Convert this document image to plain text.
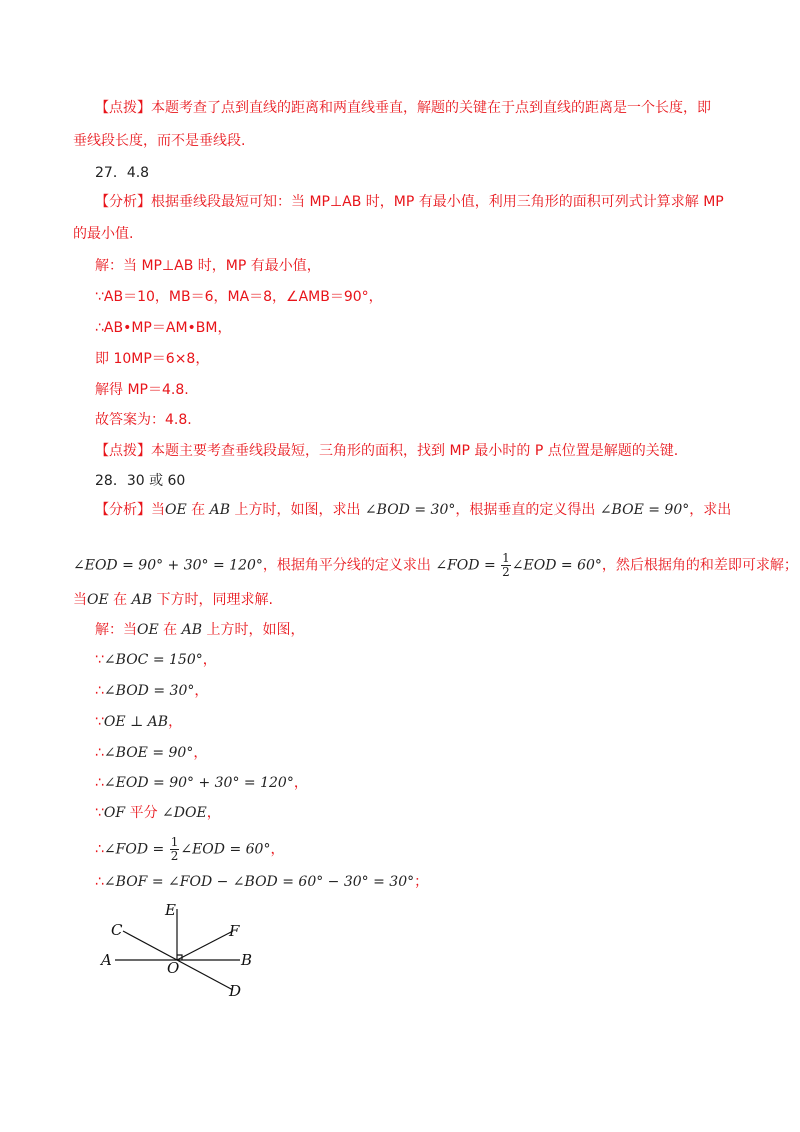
【点拨】本题考查了点到直线的距离和两直线垂直，解题的关键在于点到直线的距离是一个长度，即
垂线段长度，而不是垂线段.
27．4.8
【分析】根据垂线段最短可知：当 MP⊥AB 时，MP 有最小值，利用三角形的面积可列式计算求解 MP
的最小值.
解：当 MP⊥AB 时，MP 有最小值，
∵AB＝10，MB＝6，MA＝8，∠AMB＝90°，
∴AB•MP＝AM•BM，
即 10MP＝6×8，
解得 MP＝4.8.
故答案为：4.8.
【点拨】本题主要考查垂线段最短，三角形的面积，找到 MP 最小时的 P 点位置是解题的关键.
28．30 或 60
【分析】当OE 在 AB 上方时，如图，求出 ∠BOD = 30°，根据垂直的定义得出 ∠BOE = 90°，求出
∠EOD = 90° + 30° = 120°，根据角平分线的定义求出 ∠FOD = $\frac{1}{2}$ ∠EOD = 60°，然后根据角的和差即可求解；
当OE 在 AB 下方时，同理求解.
解：当OE 在 AB 上方时，如图，
∵∠BOC = 150°，
∴∠BOD = 30°，
∵OE ⊥ AB，
∴∠BOE = 90°，
∴∠EOD = 90° + 30° = 120°，
∵OF 平分 ∠DOE，
∴∠FOD = $\frac{1}{2}$ ∠EOD = 60°，
∴∠BOF = ∠FOD − ∠BOD = 60° − 30° = 30°；
E
C	F
A	O	B
D
